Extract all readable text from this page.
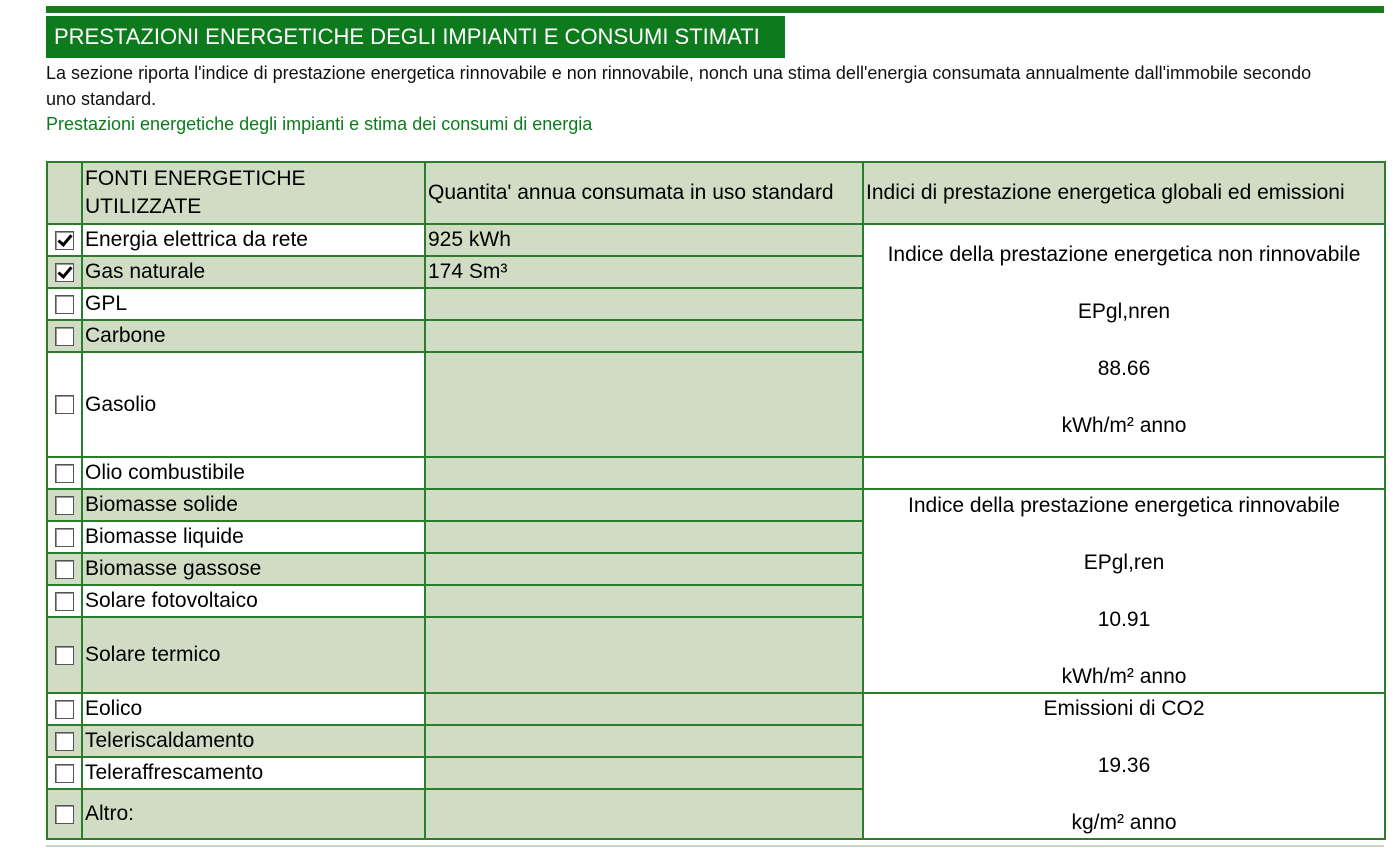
PRESTAZIONI ENERGETICHE DEGLI IMPIANTI E CONSUMI STIMATI
La sezione riporta l'indice di prestazione energetica rinnovabile e non rinnovabile, nonch una stima dell'energia consumata annualmente dall'immobile secondo uno standard.
Prestazioni energetiche degli impianti e stima dei consumi di energia
	FONTI ENERGETICHE UTILIZZATE	Quantita' annua consumata in uso standard	Indici di prestazione energetica globali ed emissioni
	Energia elettrica da rete	925 kWh	Indice della prestazione energetica non rinnovabile

EPgl,nren

88.66

kWh/m² anno

	Gas naturale	174 Sm³	
	GPL		
	Carbone		
	Gasolio		
	Olio combustibile		
	Biomasse solide		Indice della prestazione energetica rinnovabile

EPgl,ren

10.91

kWh/m² anno

	Biomasse liquide		
	Biomasse gassose		
	Solare fotovoltaico		
	Solare termico		
	Eolico		Emissioni di CO2

19.36

kg/m² anno

	Teleriscaldamento		
	Teleraffrescamento		
	Altro:		
